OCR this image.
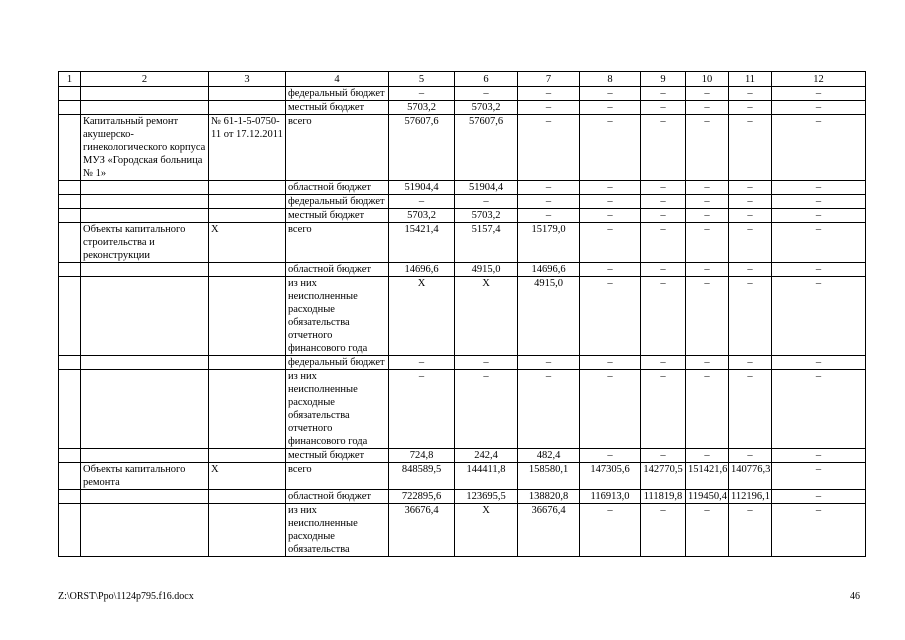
1	2	3	4	5	6	7	8	9	10	11	12
			федеральный бюджет	–	–	–	–	–	–	–	–
			местный бюджет	5703,2	5703,2	–	–	–	–	–	–
	Капитальный ремонт акушерско-гинекологического корпуса МУЗ «Городская больница № 1»	№ 61-1-5-0750-11 от 17.12.2011	всего	57607,6	57607,6	–	–	–	–	–	–
			областной бюджет	51904,4	51904,4	–	–	–	–	–	–
			федеральный бюджет	–	–	–	–	–	–	–	–
			местный бюджет	5703,2	5703,2	–	–	–	–	–	–
	Объекты капитального строительства и реконструкции	Х	всего	15421,4	5157,4	15179,0	–	–	–	–	–
			областной бюджет	14696,6	4915,0	14696,6	–	–	–	–	–
			из них неисполненные расходные обязательства отчетного финансового года	Х	Х	4915,0	–	–	–	–	–
			федеральный бюджет	–	–	–	–	–	–	–	–
			из них неисполненные расходные обязательства отчетного финансового года	–	–	–	–	–	–	–	–
			местный бюджет	724,8	242,4	482,4	–	–	–	–	–
	Объекты капитального ремонта	Х	всего	848589,5	144411,8	158580,1	147305,6	142770,5	151421,6	140776,3	–
			областной бюджет	722895,6	123695,5	138820,8	116913,0	111819,8	119450,4	112196,1	–
			из них неисполненные расходные обязательства	36676,4	Х	36676,4	–	–	–	–	–
Z:\ORST\Ppo\1124p795.f16.docx	46
